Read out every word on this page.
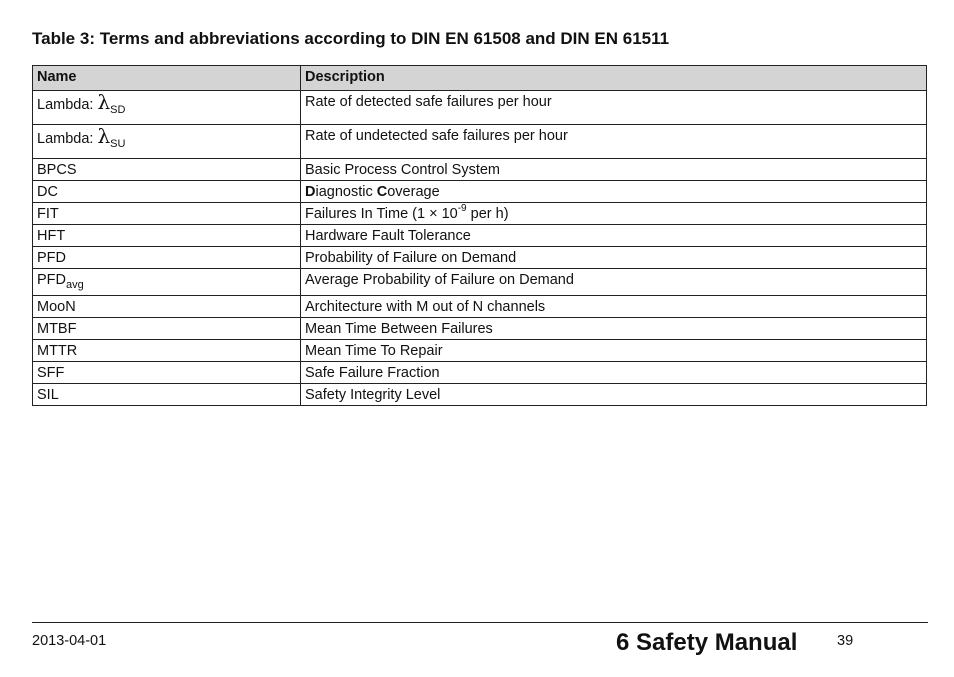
Table 3: Terms and abbreviations according to DIN EN 61508 and DIN EN 61511
Name	Description
Lambda: $\lambda_{SD}$	Rate of detected safe failures per hour
Lambda: $\lambda_{SU}$	Rate of undetected safe failures per hour
BPCS	Basic Process Control System
DC	Diagnostic Coverage
FIT	Failures In Time ($1 \times 10^{-9}$ per h)
HFT	Hardware Fault Tolerance
PFD	Probability of Failure on Demand
$PFD_{avg}$	Average Probability of Failure on Demand
MooN	Architecture with M out of N channels
MTBF	Mean Time Between Failures
MTTR	Mean Time To Repair
SFF	Safe Failure Fraction
SIL	Safety Integrity Level
2013-04-01	6 Safety Manual	39
